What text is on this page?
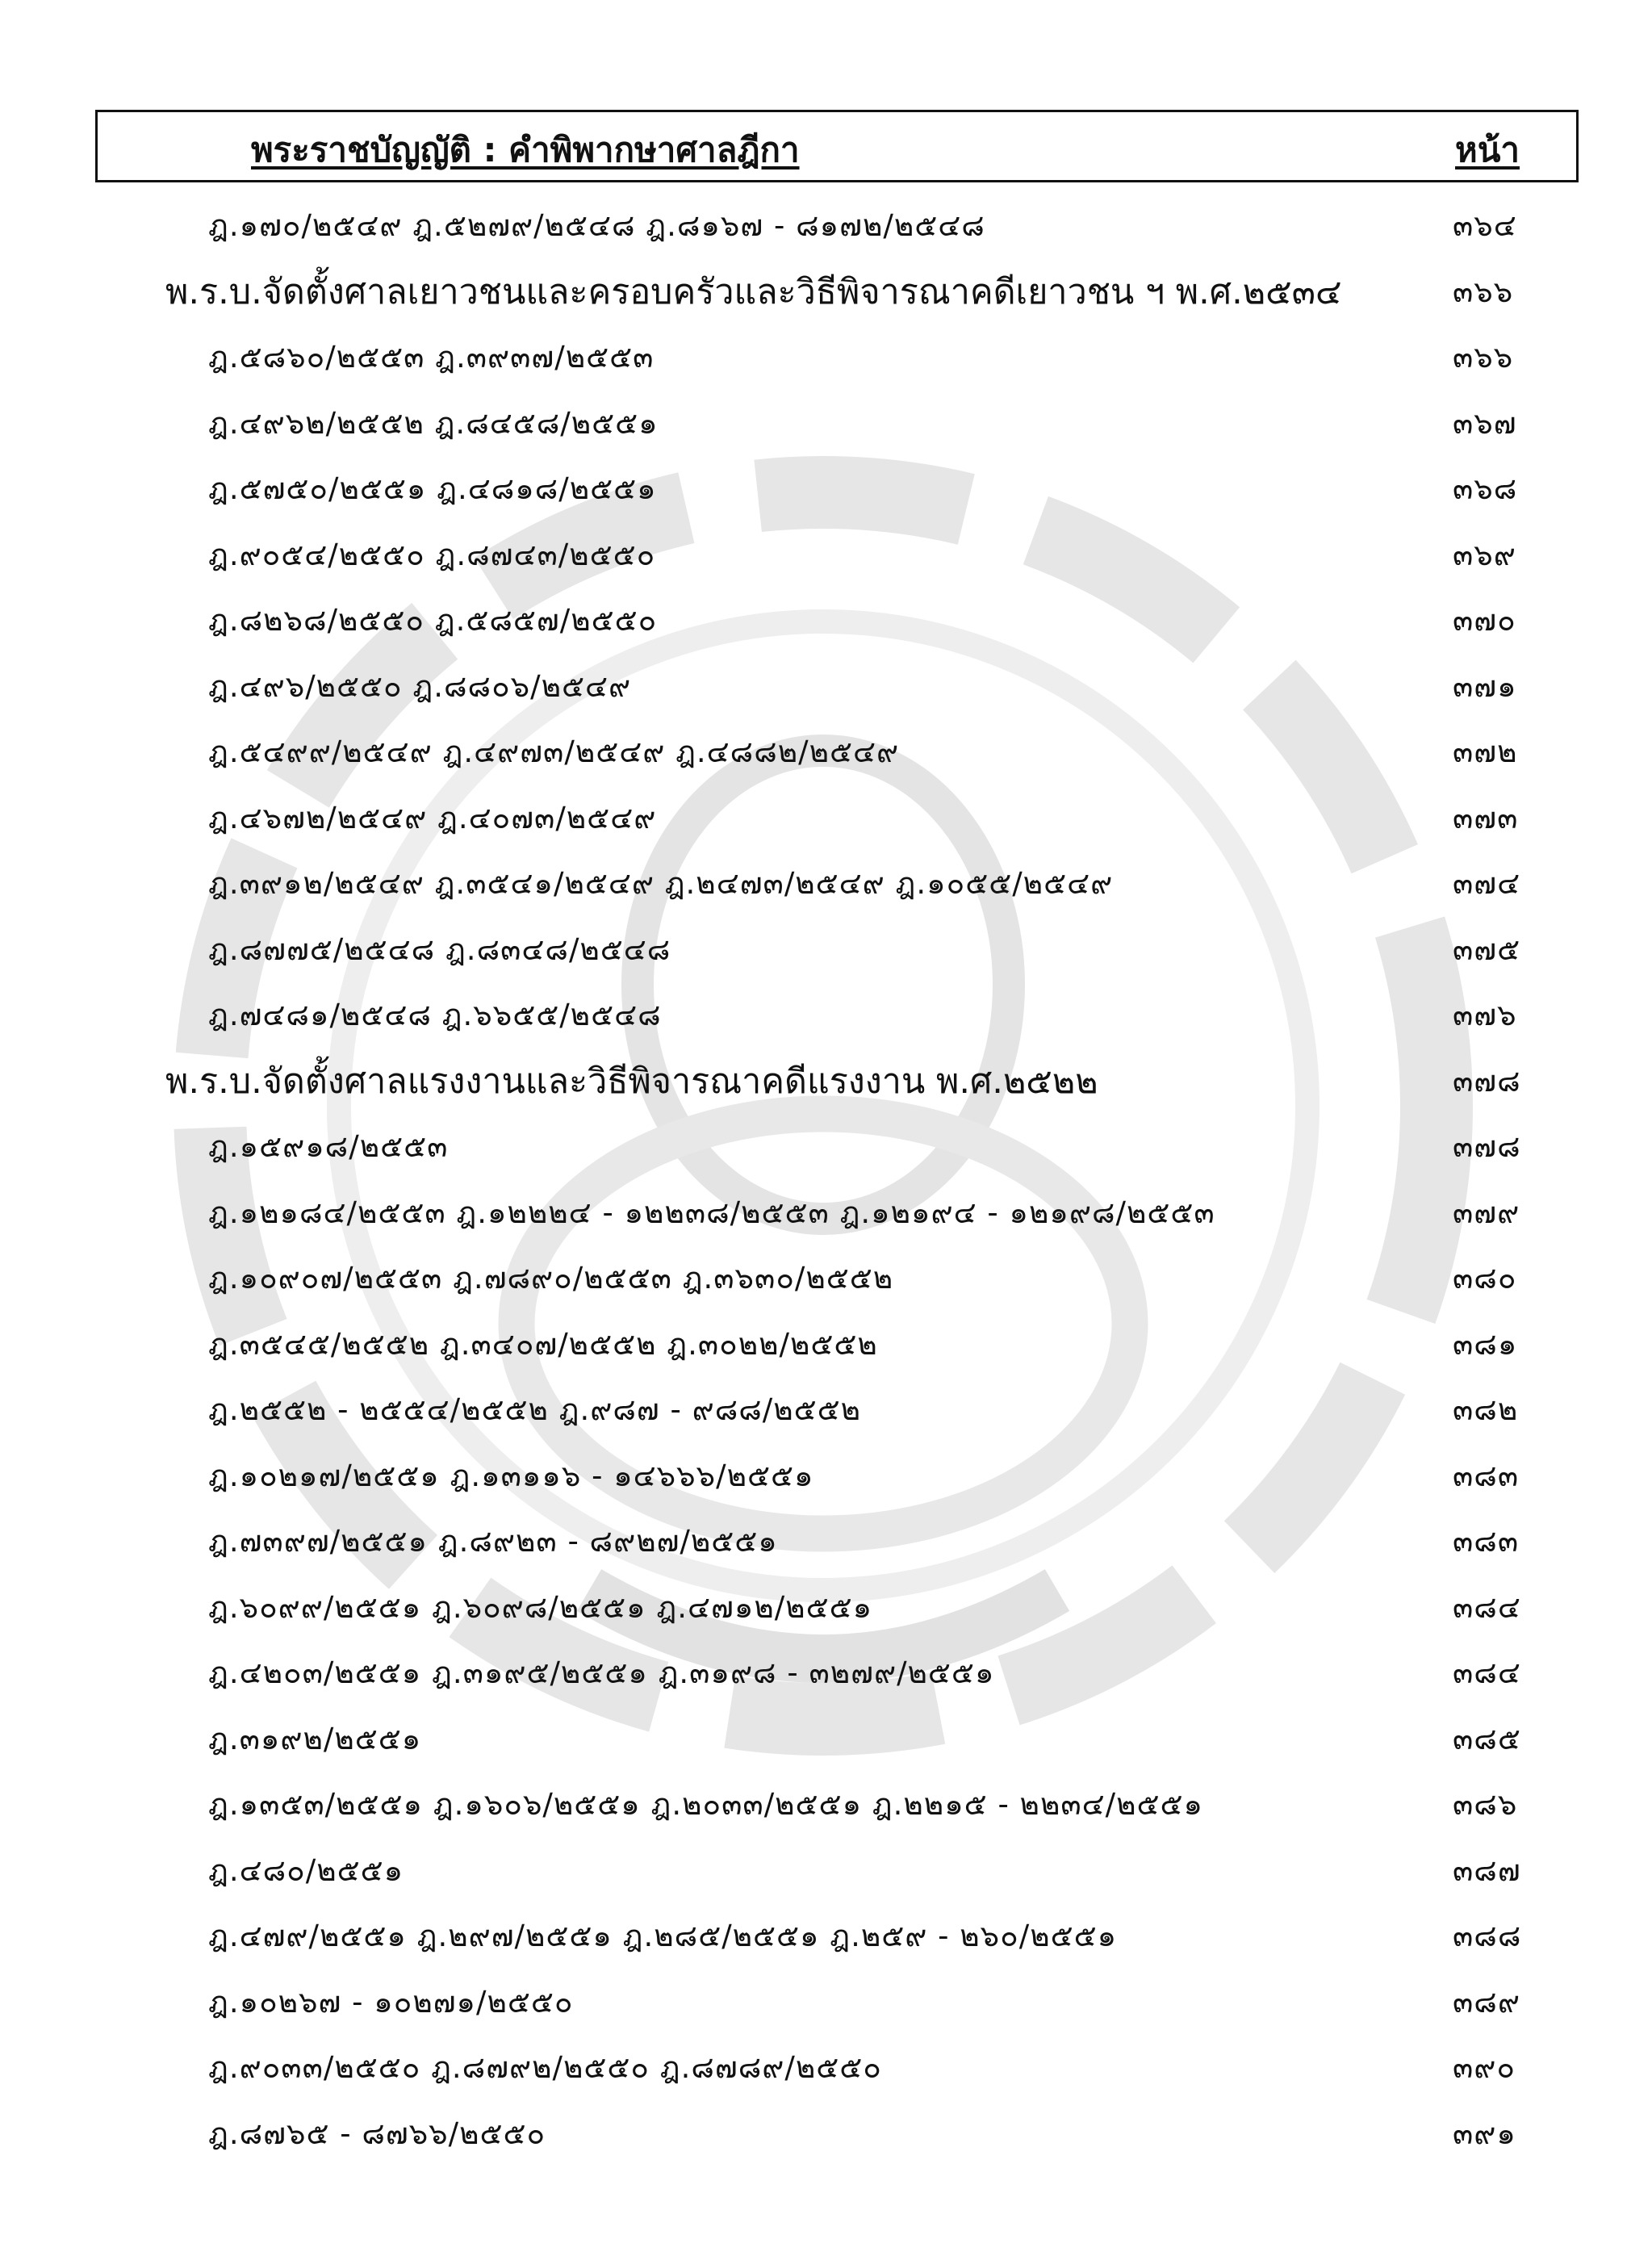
พระราชบัญญัติ : คำพิพากษาศาลฎีกา	หน้า
ฎ.๑๗๐/๒๕๔๙ ฎ.๕๒๗๙/๒๕๔๘ ฎ.๘๑๖๗ - ๘๑๗๒/๒๕๔๘	๓๖๔
พ.ร.บ.จัดตั้งศาลเยาวชนและครอบครัวและวิธีพิจารณาคดีเยาวชน ฯ พ.ศ.๒๕๓๔	๓๖๖
ฎ.๕๘๖๐/๒๕๕๓ ฎ.๓๙๓๗/๒๕๕๓	๓๖๖
ฎ.๔๙๖๒/๒๕๕๒ ฎ.๘๔๕๘/๒๕๕๑	๓๖๗
ฎ.๕๗๕๐/๒๕๕๑ ฎ.๔๘๑๘/๒๕๕๑	๓๖๘
ฎ.๙๐๕๔/๒๕๕๐ ฎ.๘๗๔๓/๒๕๕๐	๓๖๙
ฎ.๘๒๖๘/๒๕๕๐ ฎ.๕๘๕๗/๒๕๕๐	๓๗๐
ฎ.๔๙๖/๒๕๕๐ ฎ.๘๘๐๖/๒๕๔๙	๓๗๑
ฎ.๕๔๙๙/๒๕๔๙ ฎ.๔๙๗๓/๒๕๔๙ ฎ.๔๘๘๒/๒๕๔๙	๓๗๒
ฎ.๔๖๗๒/๒๕๔๙ ฎ.๔๐๗๓/๒๕๔๙	๓๗๓
ฎ.๓๙๑๒/๒๕๔๙ ฎ.๓๕๔๑/๒๕๔๙ ฎ.๒๔๗๓/๒๕๔๙ ฎ.๑๐๕๕/๒๕๔๙	๓๗๔
ฎ.๘๗๗๕/๒๕๔๘ ฎ.๘๓๔๘/๒๕๔๘	๓๗๕
ฎ.๗๔๘๑/๒๕๔๘ ฎ.๖๖๕๕/๒๕๔๘	๓๗๖
พ.ร.บ.จัดตั้งศาลแรงงานและวิธีพิจารณาคดีแรงงาน พ.ศ.๒๕๒๒	๓๗๘
ฎ.๑๕๙๑๘/๒๕๕๓	๓๗๘
ฎ.๑๒๑๘๔/๒๕๕๓ ฎ.๑๒๒๒๔ - ๑๒๒๓๘/๒๕๕๓ ฎ.๑๒๑๙๔ - ๑๒๑๙๘/๒๕๕๓	๓๗๙
ฎ.๑๐๙๐๗/๒๕๕๓ ฎ.๗๘๙๐/๒๕๕๓ ฎ.๓๖๓๐/๒๕๕๒	๓๘๐
ฎ.๓๕๔๕/๒๕๕๒ ฎ.๓๔๐๗/๒๕๕๒ ฎ.๓๐๒๒/๒๕๕๒	๓๘๑
ฎ.๒๕๕๒ - ๒๕๕๔/๒๕๕๒ ฎ.๙๘๗ - ๙๘๘/๒๕๕๒	๓๘๒
ฎ.๑๐๒๑๗/๒๕๕๑ ฎ.๑๓๑๑๖ - ๑๔๖๖๖/๒๕๕๑	๓๘๓
ฎ.๗๓๙๗/๒๕๕๑ ฎ.๘๙๒๓ - ๘๙๒๗/๒๕๕๑	๓๘๓
ฎ.๖๐๙๙/๒๕๕๑ ฎ.๖๐๙๘/๒๕๕๑ ฎ.๔๗๑๒/๒๕๕๑	๓๘๔
ฎ.๔๒๐๓/๒๕๕๑ ฎ.๓๑๙๕/๒๕๕๑ ฎ.๓๑๙๘ - ๓๒๗๙/๒๕๕๑	๓๘๔
ฎ.๓๑๙๒/๒๕๕๑	๓๘๕
ฎ.๑๓๕๓/๒๕๕๑ ฎ.๑๖๐๖/๒๕๕๑ ฎ.๒๐๓๓/๒๕๕๑ ฎ.๒๒๑๕ - ๒๒๓๔/๒๕๕๑	๓๘๖
ฎ.๔๘๐/๒๕๕๑	๓๘๗
ฎ.๔๗๙/๒๕๕๑ ฎ.๒๙๗/๒๕๕๑ ฎ.๒๘๕/๒๕๕๑ ฎ.๒๕๙ - ๒๖๐/๒๕๕๑	๓๘๘
ฎ.๑๐๒๖๗ - ๑๐๒๗๑/๒๕๕๐	๓๘๙
ฎ.๙๐๓๓/๒๕๕๐ ฎ.๘๗๙๒/๒๕๕๐ ฎ.๘๗๘๙/๒๕๕๐	๓๙๐
ฎ.๘๗๖๕ - ๘๗๖๖/๒๕๕๐	๓๙๑
